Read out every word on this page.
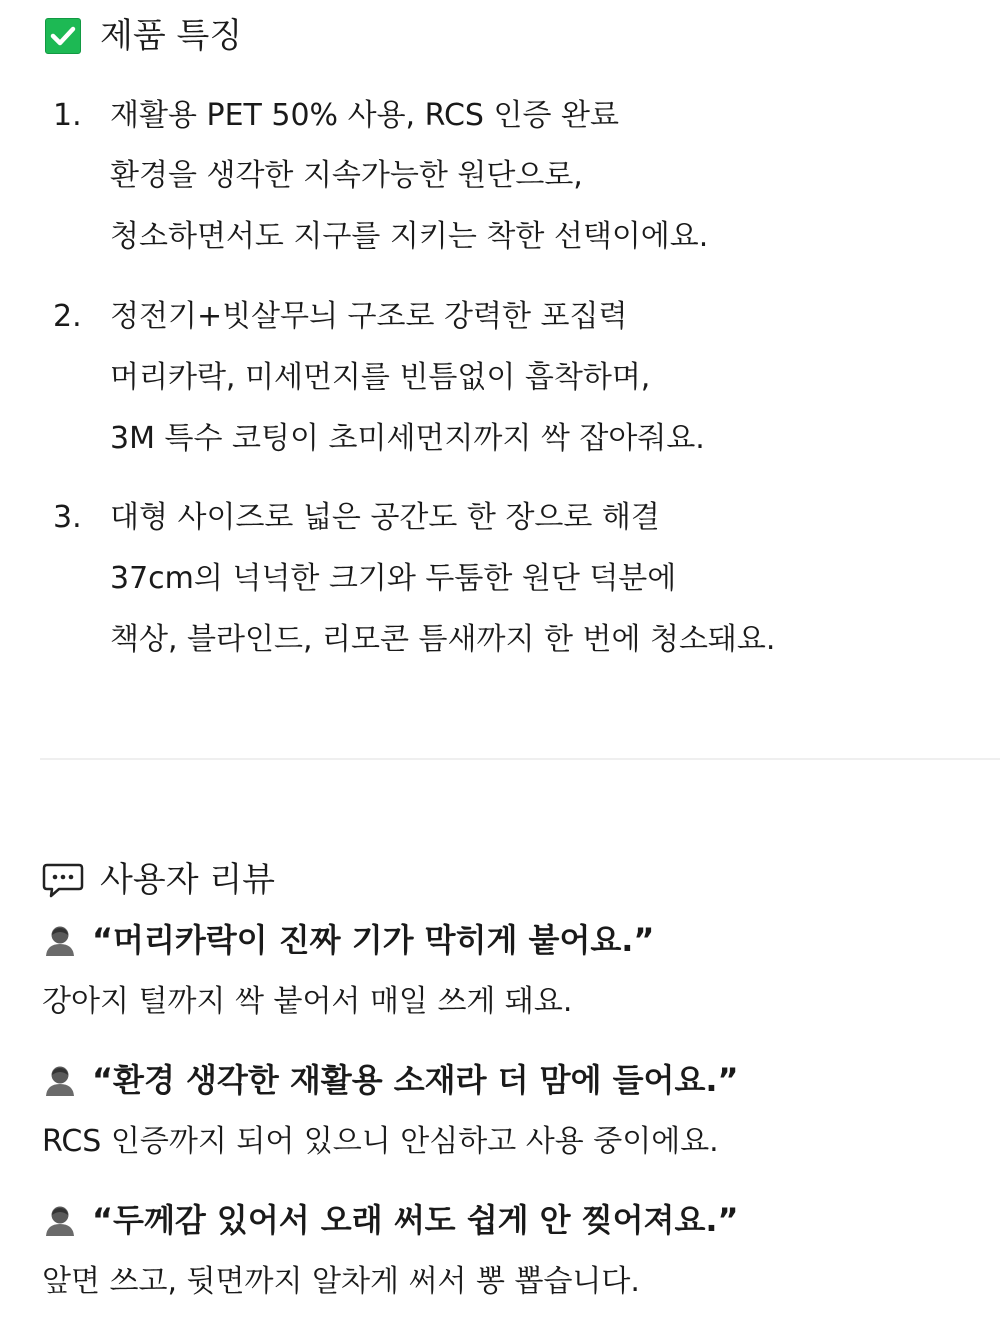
제품 특징
1. 재활용 PET 50% 사용, RCS 인증 완료
환경을 생각한 지속가능한 원단으로,
청소하면서도 지구를 지키는 착한 선택이에요.
2. 정전기+빗살무늬 구조로 강력한 포집력
머리카락, 미세먼지를 빈틈없이 흡착하며,
3M 특수 코팅이 초미세먼지까지 싹 잡아줘요.
3. 대형 사이즈로 넓은 공간도 한 장으로 해결
37cm의 넉넉한 크기와 두툼한 원단 덕분에
책상, 블라인드, 리모콘 틈새까지 한 번에 청소돼요.
사용자 리뷰
“머리카락이 진짜 기가 막히게 붙어요.”
강아지 털까지 싹 붙어서 매일 쓰게 돼요.
“환경 생각한 재활용 소재라 더 맘에 들어요.”
RCS 인증까지 되어 있으니 안심하고 사용 중이에요.
“두께감 있어서 오래 써도 쉽게 안 찢어져요.”
앞면 쓰고, 뒷면까지 알차게 써서 뽕 뽑습니다.
